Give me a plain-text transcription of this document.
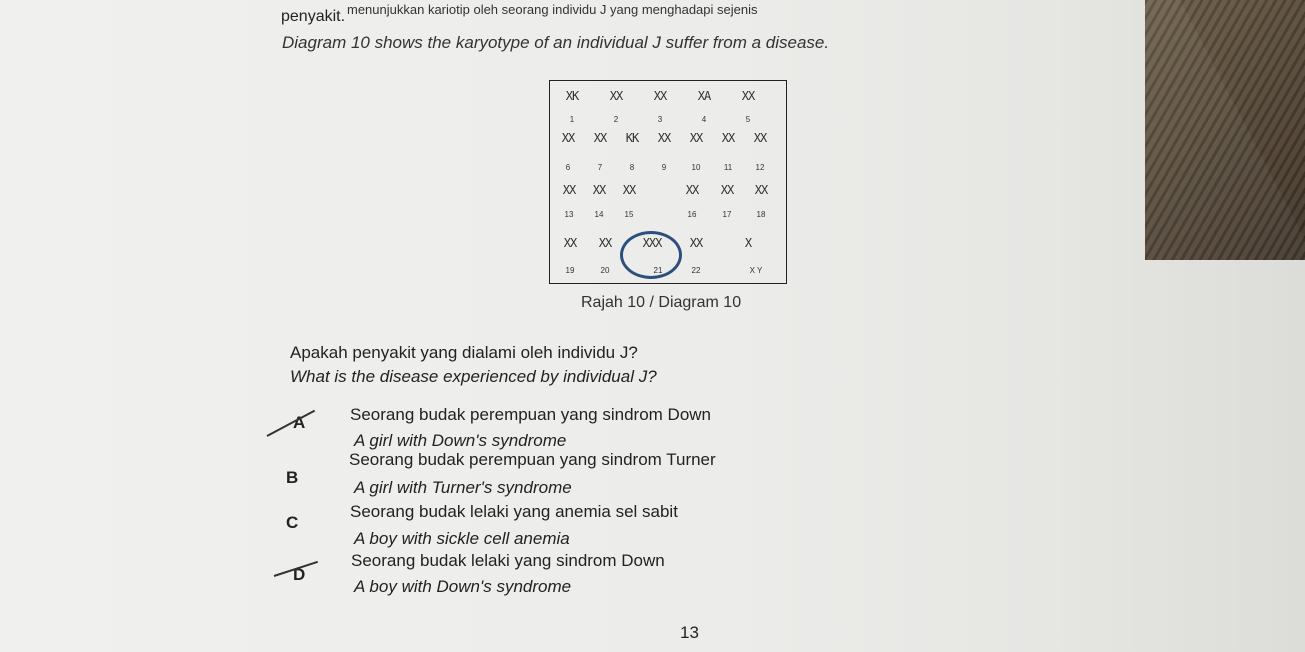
menunjukkan kariotip oleh seorang individu J yang menghadapi sejenis
penyakit.
Diagram 10 shows the karyotype of an individual J suffer from a disease.
XK	XX	XX	XA	XX
1	2	3	4	5
XX	XX	KK	XX	XX	XX	XX
6	7	8	9	10	11	12
XX	XX	XX	XX	XX	XX
13	14	15	16	17	18
XX	XX	XXX	XX	X
19	20	21	22	X Y
Rajah 10 / Diagram 10
Apakah penyakit yang dialami oleh individu J?
What is the disease experienced by individual J?
A	Seorang budak perempuan yang sindrom Down
A girl with Down's syndrome
B
Seorang budak perempuan yang sindrom Turner
A girl with Turner's syndrome
C
Seorang budak lelaki yang anemia sel sabit
A boy with sickle cell anemia
D
Seorang budak lelaki yang sindrom Down
A boy with Down's syndrome
13
